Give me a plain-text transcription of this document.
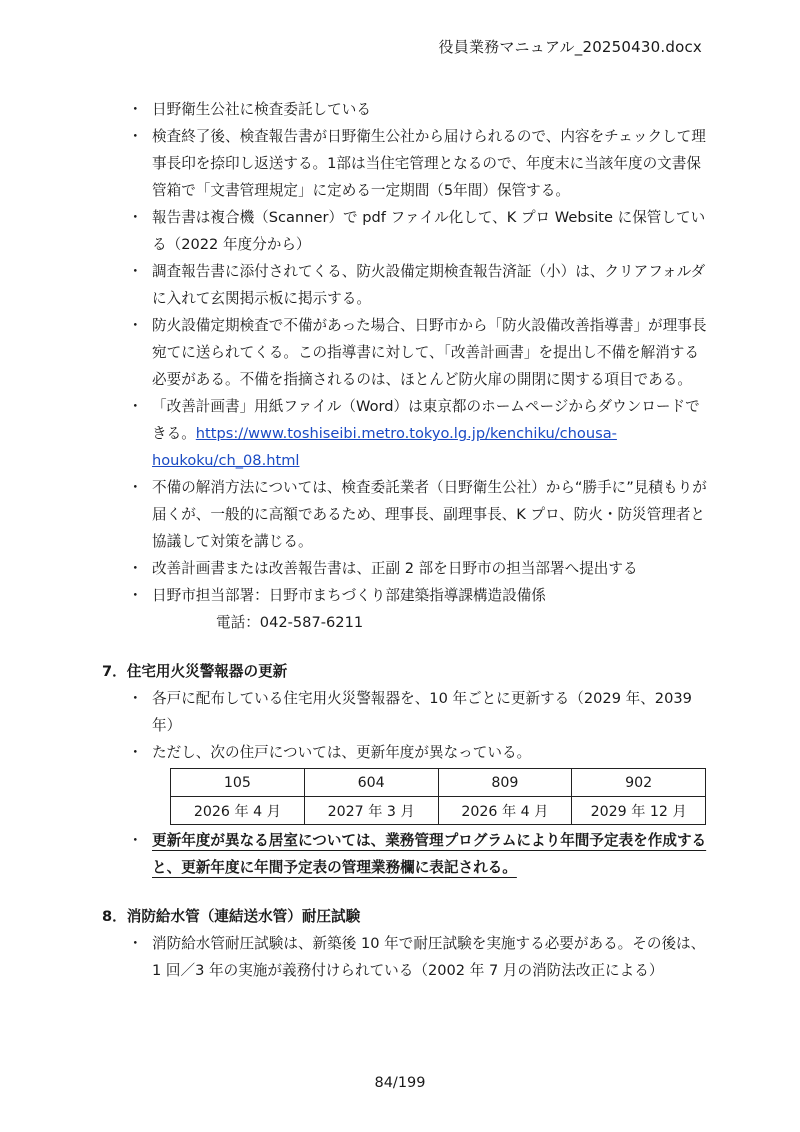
役員業務マニュアル_20250430.docx
・ 日野衛生公社に検査委託している
・ 検査終了後、検査報告書が日野衛生公社から届けられるので、内容をチェックして理事長印を捺印し返送する。1部は当住宅管理となるので、年度末に当該年度の文書保管箱で「文書管理規定」に定める一定期間（5年間）保管する。
・ 報告書は複合機（Scanner）で pdf ファイル化して、K プロ Website に保管している（2022 年度分から）
・ 調査報告書に添付されてくる、防火設備定期検査報告済証（小）は、クリアフォルダに入れて玄関掲示板に掲示する。
・ 防火設備定期検査で不備があった場合、日野市から「防火設備改善指導書」が理事長宛てに送られてくる。この指導書に対して、「改善計画書」を提出し不備を解消する必要がある。不備を指摘されるのは、ほとんど防火扉の開閉に関する項目である。
・ 「改善計画書」用紙ファイル（Word）は東京都のホームページからダウンロードできる。https://www.toshiseibi.metro.tokyo.lg.jp/kenchiku/chousa-houkoku/ch_08.html
・ 不備の解消方法については、検査委託業者（日野衛生公社）から“勝手に”見積もりが届くが、一般的に高額であるため、理事長、副理事長、K プロ、防火・防災管理者と協議して対策を講じる。
・ 改善計画書または改善報告書は、正副 2 部を日野市の担当部署へ提出する
・ 日野市担当部署：日野市まちづくり部建築指導課構造設備係
電話：042-587-6211
7．住宅用火災警報器の更新
・ 各戸に配布している住宅用火災警報器を、10 年ごとに更新する（2029 年、2039 年）
・ ただし、次の住戸については、更新年度が異なっている。
105	604	809	902
2026 年 4 月	2027 年 3 月	2026 年 4 月	2029 年 12 月
・ 更新年度が異なる居室については、業務管理プログラムにより年間予定表を作成すると、更新年度に年間予定表の管理業務欄に表記される。
8．消防給水管（連結送水管）耐圧試験
・ 消防給水管耐圧試験は、新築後 10 年で耐圧試験を実施する必要がある。その後は、1 回／3 年の実施が義務付けられている（2002 年 7 月の消防法改正による）
84/199
